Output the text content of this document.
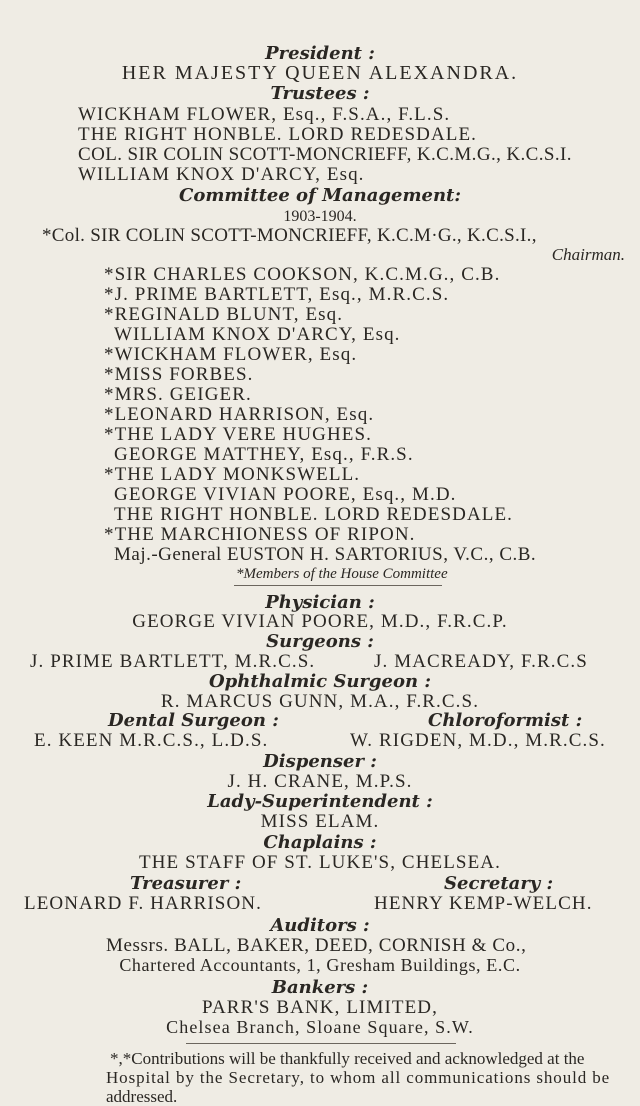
President :
HER MAJESTY QUEEN ALEXANDRA.
Trustees :
WICKHAM FLOWER, Esq., F.S.A., F.L.S.
THE RIGHT HONBLE. LORD REDESDALE.
COL. SIR COLIN SCOTT-MONCRIEFF, K.C.M.G., K.C.S.I.
WILLIAM KNOX D'ARCY, Esq.
Committee of Management:
1903-1904.
*Col. SIR COLIN SCOTT-MONCRIEFF, K.C.M·G., K.C.S.I.,
Chairman.
*SIR CHARLES COOKSON, K.C.M.G., C.B.
*J. PRIME BARTLETT, Esq., M.R.C.S.
*REGINALD BLUNT, Esq.
WILLIAM KNOX D'ARCY, Esq.
*WICKHAM FLOWER, Esq.
*MISS FORBES.
*MRS. GEIGER.
*LEONARD HARRISON, Esq.
*THE LADY VERE HUGHES.
GEORGE MATTHEY, Esq., F.R.S.
*THE LADY MONKSWELL.
GEORGE VIVIAN POORE, Esq., M.D.
THE RIGHT HONBLE. LORD REDESDALE.
*THE MARCHIONESS OF RIPON.
Maj.-General EUSTON H. SARTORIUS, V.C., C.B.
*Members of the House Committee
Physician :
GEORGE VIVIAN POORE, M.D., F.R.C.P.
Surgeons :
J. PRIME BARTLETT, M.R.C.S.	J. MACREADY, F.R.C.S
Ophthalmic Surgeon :
R. MARCUS GUNN, M.A., F.R.C.S.
Dental Surgeon :	Chloroformist :
E. KEEN M.R.C.S., L.D.S.	W. RIGDEN, M.D., M.R.C.S.
Dispenser :
J. H. CRANE, M.P.S.
Lady-Superintendent :
MISS ELAM.
Chaplains :
THE STAFF OF ST. LUKE'S, CHELSEA.
Treasurer :	Secretary :
LEONARD F. HARRISON.	HENRY KEMP-WELCH.
Auditors :
Messrs. BALL, BAKER, DEED, CORNISH & Co.,
Chartered Accountants, 1, Gresham Buildings, E.C.
Bankers :
PARR'S BANK, LIMITED,
Chelsea Branch, Sloane Square, S.W.
*,*Contributions will be thankfully received and acknowledged at the
Hospital by the Secretary, to whom all communications should be
addressed.
